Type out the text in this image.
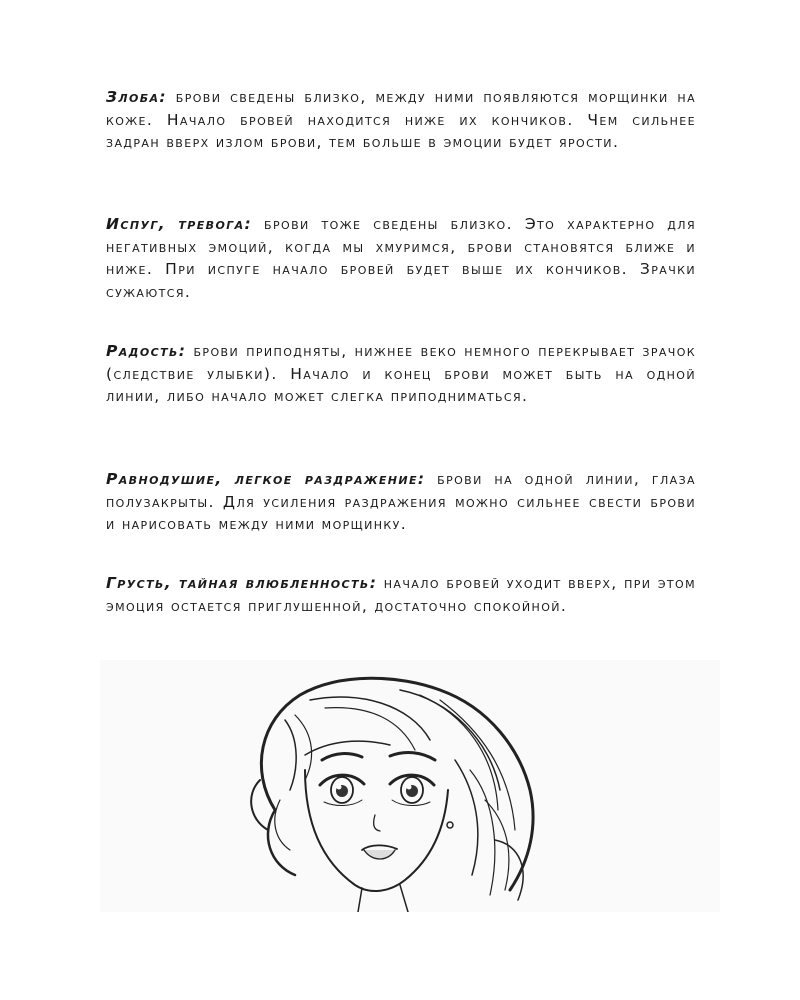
Злоба: брови сведены близко, между ними появляются морщинки на коже. Начало бровей находится ниже их кончиков. Чем сильнее задран вверх излом брови, тем больше в эмоции будет ярости.

Испуг, тревога: брови тоже сведены близко. Это характерно для негативных эмоций, когда мы хмуримся, брови становятся ближе и ниже. При испуге начало бровей будет выше их кончиков. Зрачки сужаются.

Радость: брови приподняты, нижнее веко немного перекрывает зрачок (следствие улыбки). Начало и конец брови может быть на одной линии, либо начало может слегка приподниматься.

Равнодушие, легкое раздражение: брови на одной линии, глаза полузакрыты. Для усиления раздражения можно сильнее свести брови и нарисовать между ними морщинку.

Грусть, тайная влюбленность: начало бровей уходит вверх, при этом эмоция остается приглушенной, достаточно спокойной.
